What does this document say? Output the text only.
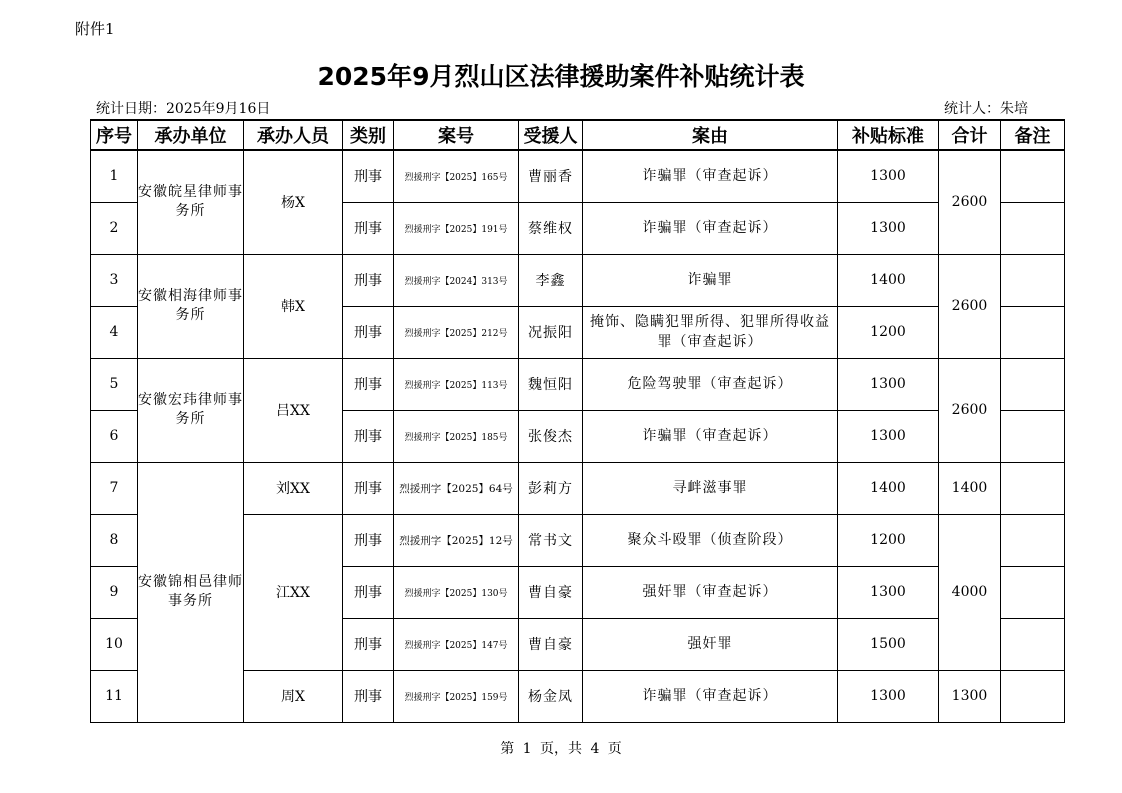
附件1
2025年9月烈山区法律援助案件补贴统计表
统计日期：2025年9月16日	统计人：朱培
序号	承办单位	承办人员	类别	案号	受援人	案由	补贴标准	合计	备注
1	安徽皖星律师事务所	杨X	刑事	烈援刑字【2025】165号	曹丽香	诈骗罪（审查起诉）	1300	2600	
2			刑事	烈援刑字【2025】191号	蔡维权	诈骗罪（审查起诉）	1300		
3	安徽相海律师事务所	韩X	刑事	烈援刑字【2024】313号	李鑫	诈骗罪	1400	2600	
4			刑事	烈援刑字【2025】212号	况振阳	掩饰、隐瞒犯罪所得、犯罪所得收益罪（审查起诉）	1200		
5	安徽宏玮律师事务所	吕XX	刑事	烈援刑字【2025】113号	魏恒阳	危险驾驶罪（审查起诉）	1300	2600	
6			刑事	烈援刑字【2025】185号	张俊杰	诈骗罪（审查起诉）	1300		
7	安徽锦相邑律师事务所	刘XX	刑事	烈援刑字【2025】64号	彭莉方	寻衅滋事罪	1400	1400	
8		江XX	刑事	烈援刑字【2025】12号	常书文	聚众斗殴罪（侦查阶段）	1200	4000	
9			刑事	烈援刑字【2025】130号	曹自豪	强奸罪（审查起诉）	1300		
10			刑事	烈援刑字【2025】147号	曹自豪	强奸罪	1500		
11		周X	刑事	烈援刑字【2025】159号	杨金凤	诈骗罪（审查起诉）	1300	1300	
第 1 页，共 4 页
